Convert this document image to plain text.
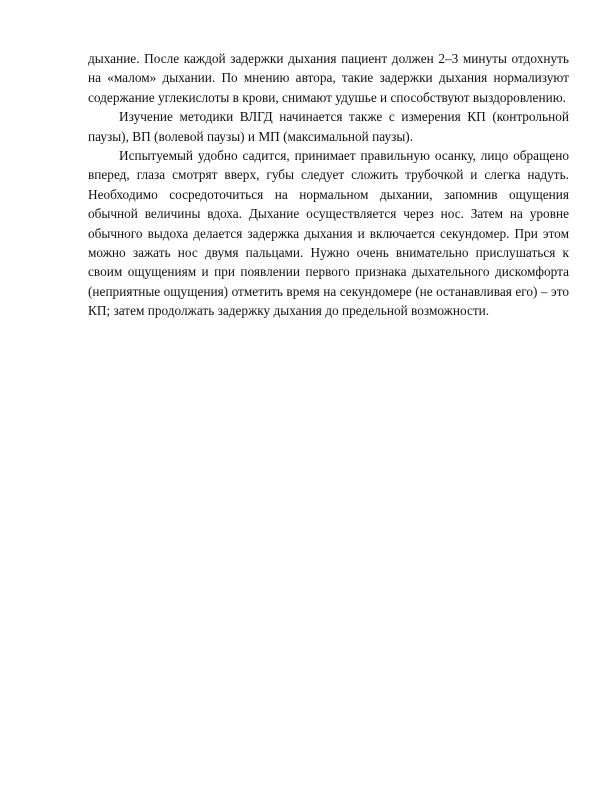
дыхание. После каждой задержки дыхания пациент должен 2–3 минуты отдохнуть на «малом» дыхании. По мнению автора, такие задержки дыхания нормализуют содержание углекислоты в крови, снимают удушье и способствуют выздоровлению.

Изучение методики ВЛГД начинается также с измерения КП (контрольной паузы), ВП (волевой паузы) и МП (максимальной паузы).

Испытуемый удобно садится, принимает правильную осанку, лицо обращено вперед, глаза смотрят вверх, губы следует сложить трубочкой и слегка надуть. Необходимо сосредоточиться на нормальном дыхании, запомнив ощущения обычной величины вдоха. Дыхание осуществляется через нос. Затем на уровне обычного выдоха делается задержка дыхания и включается секундомер. При этом можно зажать нос двумя пальцами. Нужно очень внимательно прислушаться к своим ощущениям и при появлении первого признака дыхательного дискомфорта (неприятные ощущения) отметить время на секундомере (не останавливая его) – это КП; затем продолжать задержку дыхания до предельной возможности.
